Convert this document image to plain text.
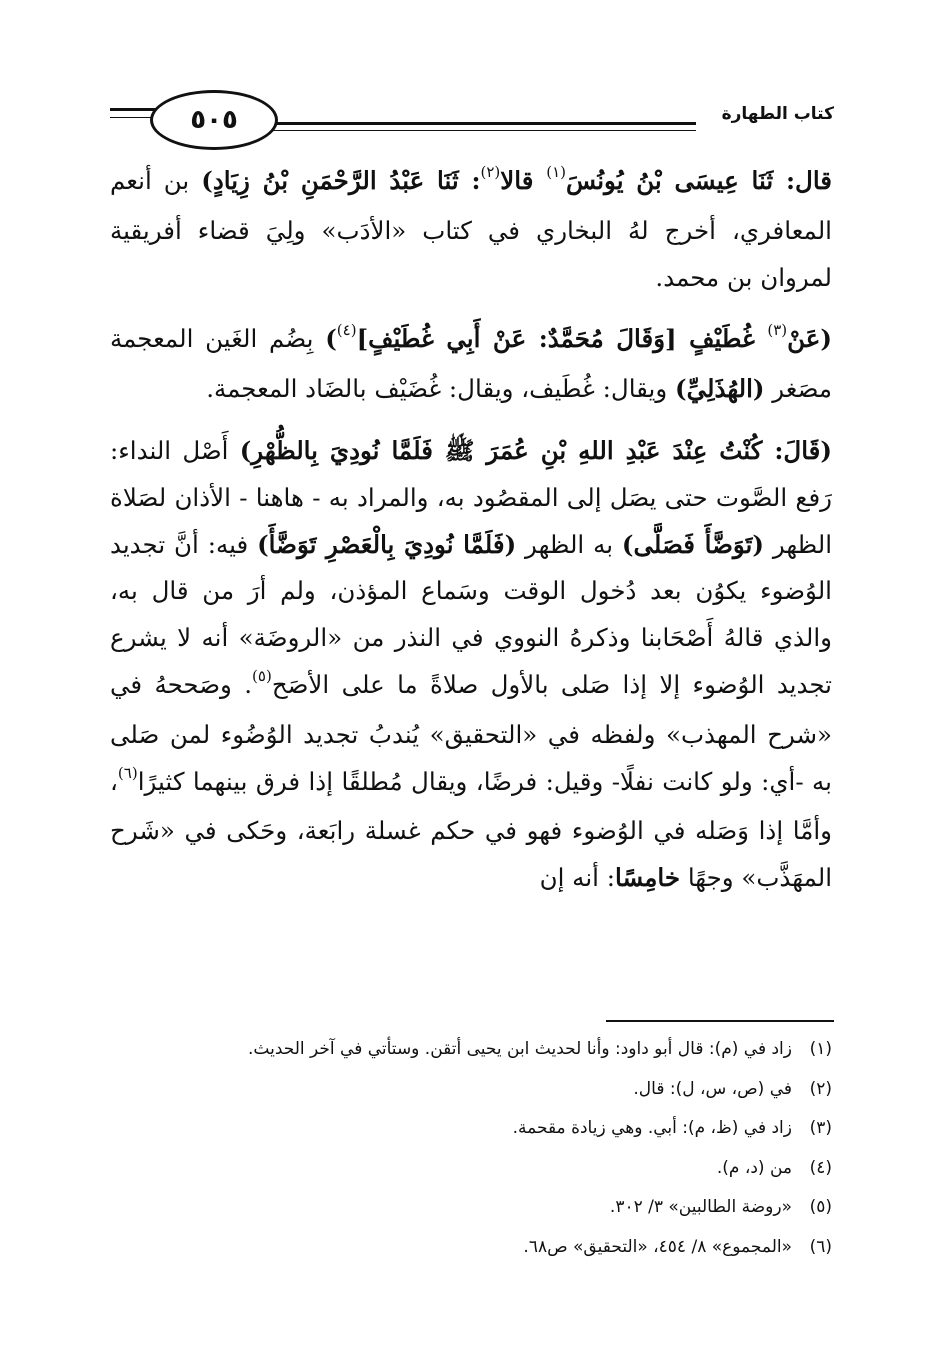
٥٠٥	كتاب الطهارة

قال: ثَنَا عِيسَى بْنُ يُونُسَ$^{(١)}$ قالا$^{(٢)}$: ثَنَا عَبْدُ الرَّحْمَنِ بْنُ زِيَادٍ) بن أنعم المعافري، أخرج لهُ البخاري في كتاب «الأدَب» ولِيَ قضاء أفريقية لمروان بن محمد.

(عَنْ$^{(٣)}$ غُطَيْفٍ [وَقَالَ مُحَمَّدٌ: عَنْ أَبِي غُطَيْفٍ]$^{(٤)}$) بِضُم الغَين المعجمة مصَغر (الهُذَلِيِّ) ويقال: غُطَيف، ويقال: غُضَيْف بالضَاد المعجمة.

(قَالَ: كُنْتُ عِنْدَ عَبْدِ اللهِ بْنِ عُمَرَ ﷺ فَلَمَّا نُودِيَ بِالظُّهْرِ) أَصْل النداء: رَفع الصَّوت حتى يصَل إلى المقصُود به، والمراد به - هاهنا - الأذان لصَلاة الظهر (تَوَضَّأَ فَصَلَّى) به الظهر (فَلَمَّا نُودِيَ بِالْعَصْرِ تَوَضَّأَ) فيه: أنَّ تجديد الوُضوء يكوُن بعد دُخول الوقت وسَماع المؤذن، ولم أرَ من قال به، والذي قالهُ أَصْحَابنا وذكرهُ النووي في النذر من «الروضَة» أنه لا يشرع تجديد الوُضوء إلا إذا صَلى بالأول صلاةً ما على الأصَح$^{(٥)}$. وصَححهُ في «شرح المهذب» ولفظه في «التحقيق» يُندبُ تجديد الوُضُوء لمن صَلى به -أي: ولو كانت نفلًا- وقيل: فرضًا، ويقال مُطلقًا إذا فرق بينهما كثيرًا$^{(٦)}$، وأمَّا إذا وَصَله في الوُضوء فهو في حكم غسلة رابَعة، وحَكى في «شَرح المهَذَّب» وجهًا خامِسًا: أنه إن

(١)
زاد في (م): قال أبو داود: وأنا لحديث ابن يحيى أتقن. وستأتي في آخر الحديث.
(٢)
في (ص، س، ل): قال.
(٣)
زاد في (ظ، م): أبي. وهي زيادة مقحمة.
(٤)
من (د، م).
(٥)
«روضة الطالبين» ٣/ ٣٠٢.
(٦)
«المجموع» ٨/ ٤٥٤، «التحقيق» ص٦٨.
